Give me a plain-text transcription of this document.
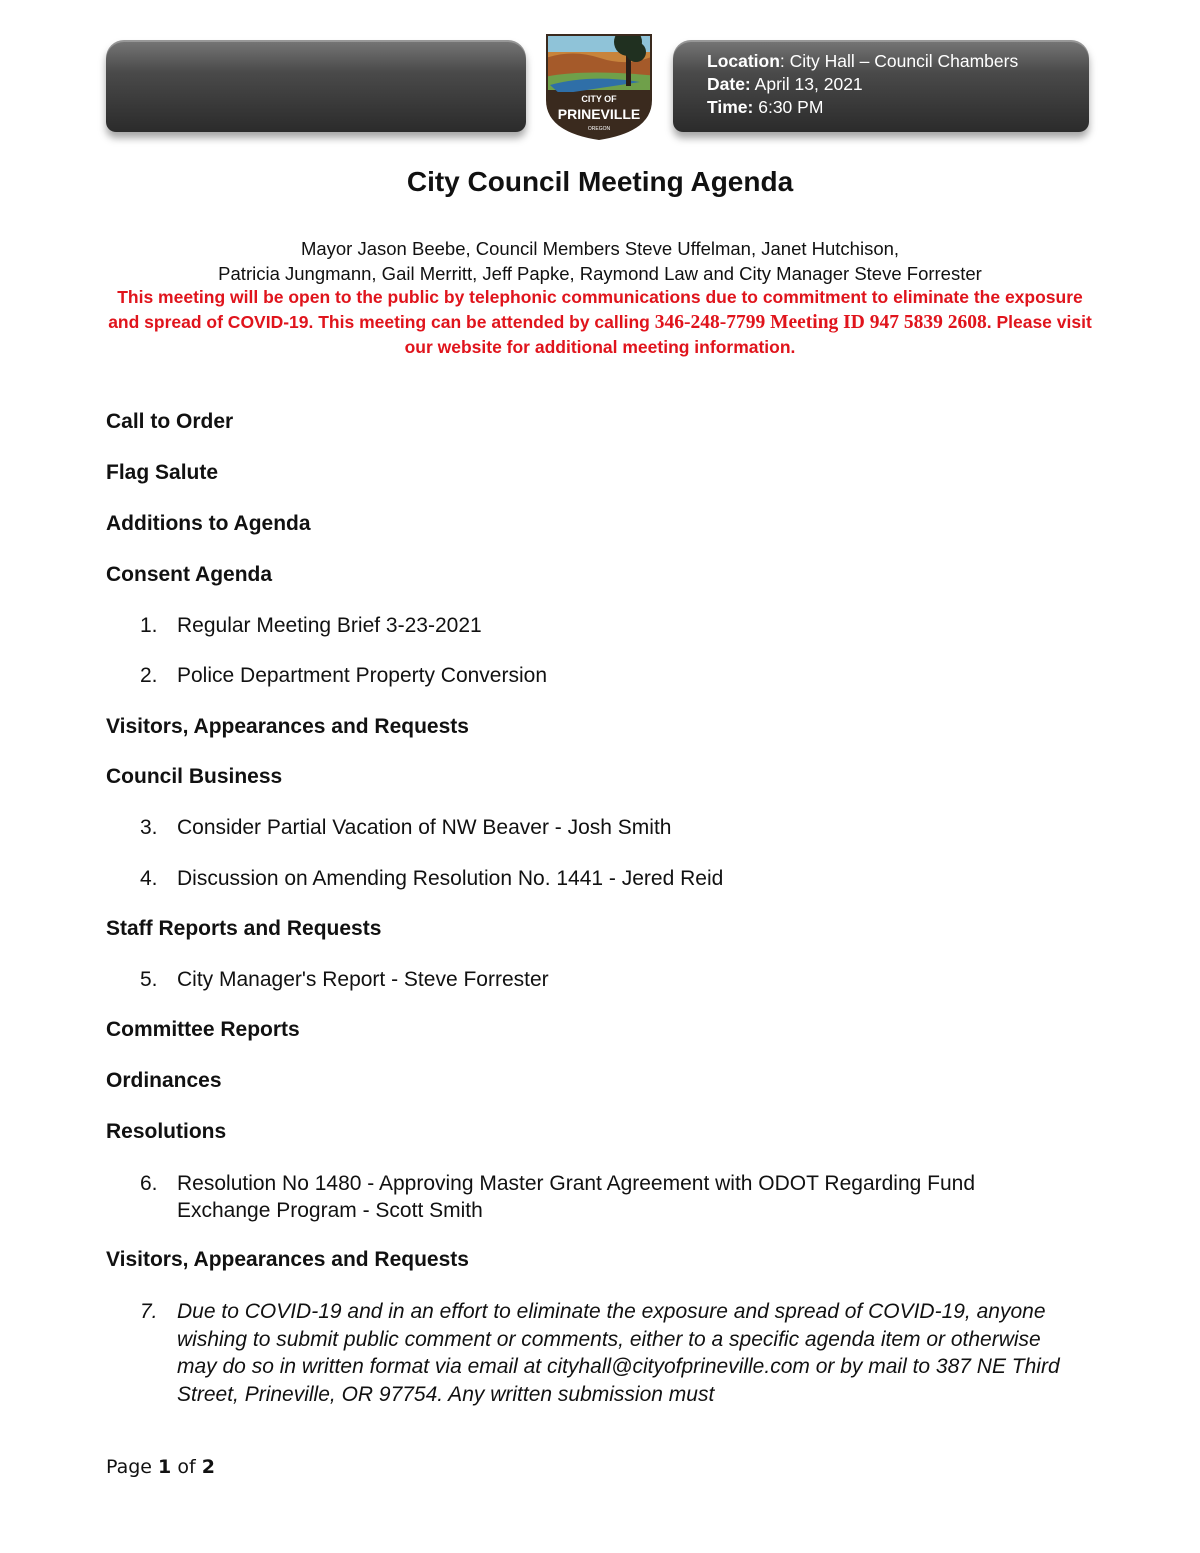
CITY OF
PRINEVILLE
OREGON
Location: City Hall – Council Chambers
Date: April 13, 2021
Time: 6:30 PM
City Council Meeting Agenda
Mayor Jason Beebe, Council Members Steve Uffelman, Janet Hutchison,
Patricia Jungmann, Gail Merritt, Jeff Papke, Raymond Law and City Manager Steve Forrester
This meeting will be open to the public by telephonic communications due to commitment to eliminate the exposure and spread of COVID-19. This meeting can be attended by calling 346-248-7799 Meeting ID 947 5839 2608. Please visit our website for additional meeting information.
Call to Order
Flag Salute
Additions to Agenda
Consent Agenda
1. Regular Meeting Brief 3-23-2021
2. Police Department Property Conversion
Visitors, Appearances and Requests
Council Business
3. Consider Partial Vacation of NW Beaver - Josh Smith
4. Discussion on Amending Resolution No. 1441 - Jered Reid
Staff Reports and Requests
5. City Manager's Report - Steve Forrester
Committee Reports
Ordinances
Resolutions
6. Resolution No 1480 - Approving Master Grant Agreement with ODOT Regarding Fund Exchange Program - Scott Smith
Visitors, Appearances and Requests
7. Due to COVID-19 and in an effort to eliminate the exposure and spread of COVID-19, anyone wishing to submit public comment or comments, either to a specific agenda item or otherwise may do so in written format via email at cityhall@cityofprineville.com or by mail to 387 NE Third Street, Prineville, OR 97754. Any written submission must
Page 1 of 2
